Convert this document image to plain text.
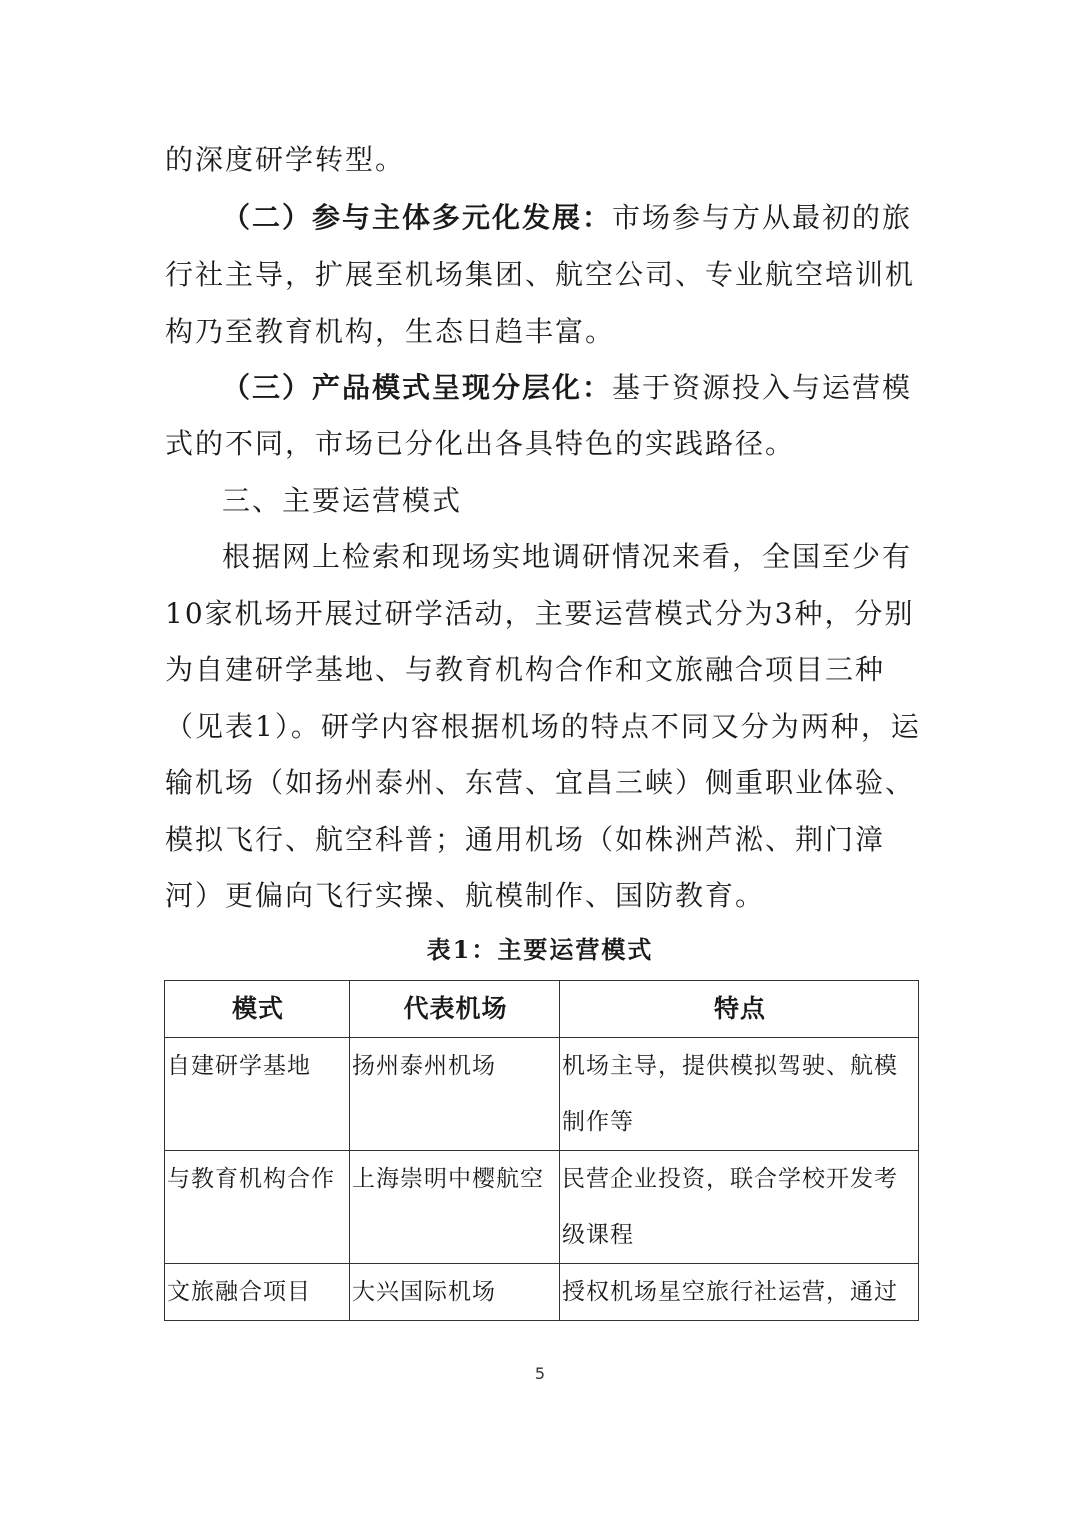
的深度研学转型。
（二）参与主体多元化发展：市场参与方从最初的旅
行社主导，扩展至机场集团、航空公司、专业航空培训机
构乃至教育机构，生态日趋丰富。
（三）产品模式呈现分层化：基于资源投入与运营模
式的不同，市场已分化出各具特色的实践路径。
三、主要运营模式
根据网上检索和现场实地调研情况来看，全国至少有
10家机场开展过研学活动，主要运营模式分为3种，分别
为自建研学基地、与教育机构合作和文旅融合项目三种
（见表1）。研学内容根据机场的特点不同又分为两种，运
输机场（如扬州泰州、东营、宜昌三峡）侧重职业体验、
模拟飞行、航空科普；通用机场（如株洲芦淞、荆门漳
河）更偏向飞行实操、航模制作、国防教育。
表1：主要运营模式
模式	代表机场	特点
自建研学基地	扬州泰州机场	机场主导，提供模拟驾驶、航模制作等
与教育机构合作	上海崇明中樱航空	民营企业投资，联合学校开发考级课程
文旅融合项目	大兴国际机场	授权机场星空旅行社运营，通过
5
